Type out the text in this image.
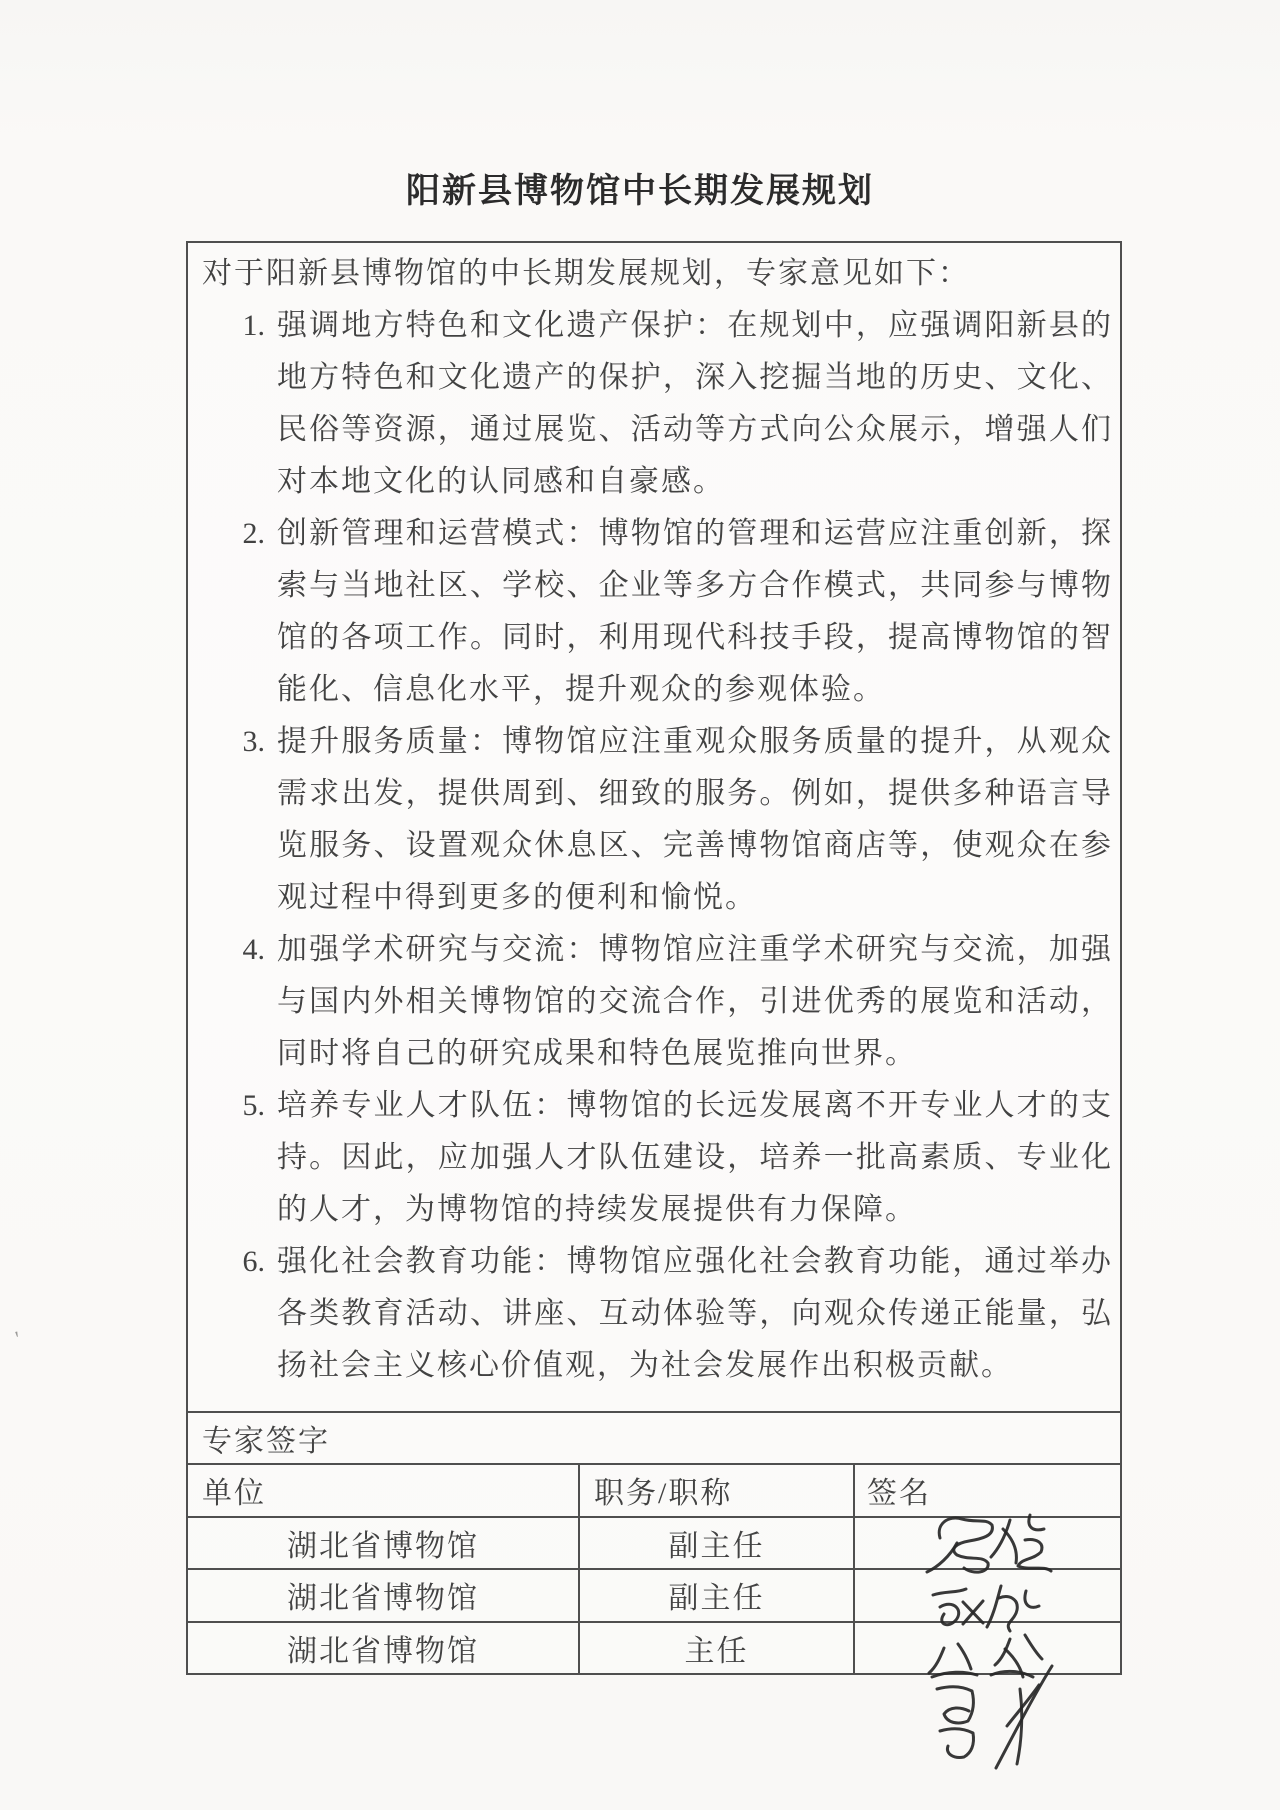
阳新县博物馆中长期发展规划
对于阳新县博物馆的中长期发展规划，专家意见如下：
1. 强调地方特色和文化遗产保护：在规划中，应强调阳新县的地方特色和文化遗产的保护，深入挖掘当地的历史、文化、民俗等资源，通过展览、活动等方式向公众展示，增强人们对本地文化的认同感和自豪感。
2. 创新管理和运营模式：博物馆的管理和运营应注重创新，探索与当地社区、学校、企业等多方合作模式，共同参与博物馆的各项工作。同时，利用现代科技手段，提高博物馆的智能化、信息化水平，提升观众的参观体验。
3. 提升服务质量：博物馆应注重观众服务质量的提升，从观众需求出发，提供周到、细致的服务。例如，提供多种语言导览服务、设置观众休息区、完善博物馆商店等，使观众在参观过程中得到更多的便利和愉悦。
4. 加强学术研究与交流：博物馆应注重学术研究与交流，加强与国内外相关博物馆的交流合作，引进优秀的展览和活动，同时将自己的研究成果和特色展览推向世界。
5. 培养专业人才队伍：博物馆的长远发展离不开专业人才的支持。因此，应加强人才队伍建设，培养一批高素质、专业化的人才，为博物馆的持续发展提供有力保障。
6. 强化社会教育功能：博物馆应强化社会教育功能，通过举办各类教育活动、讲座、互动体验等，向观众传递正能量，弘扬社会主义核心价值观，为社会发展作出积极贡献。
专家签字
单位	职务/职称	签名
湖北省博物馆	副主任
湖北省博物馆	副主任
湖北省博物馆	主任
'
